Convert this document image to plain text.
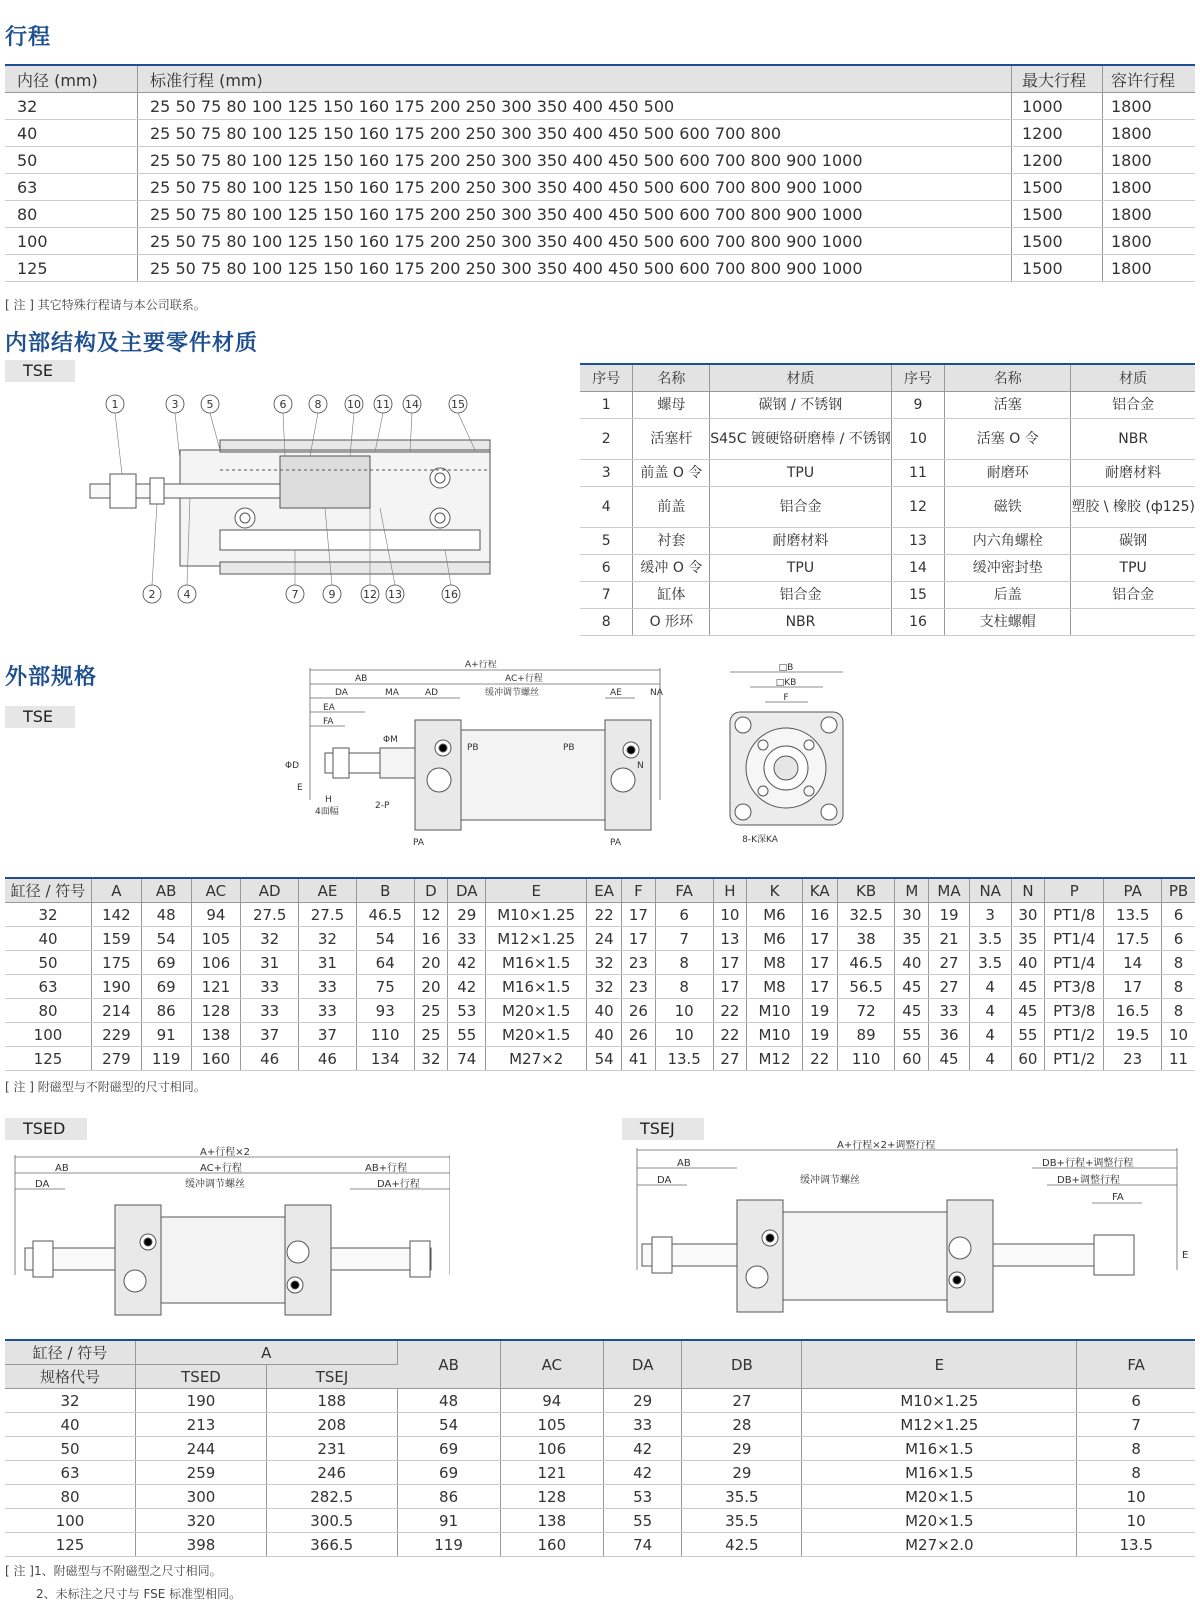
行程
内径 (mm)	标准行程 (mm)	最大行程	容许行程
32	25 50 75 80 100 125 150 160 175 200 250 300 350 400 450 500	1000	1800
40	25 50 75 80 100 125 150 160 175 200 250 300 350 400 450 500 600 700 800	1200	1800
50	25 50 75 80 100 125 150 160 175 200 250 300 350 400 450 500 600 700 800 900 1000	1200	1800
63	25 50 75 80 100 125 150 160 175 200 250 300 350 400 450 500 600 700 800 900 1000	1500	1800
80	25 50 75 80 100 125 150 160 175 200 250 300 350 400 450 500 600 700 800 900 1000	1500	1800
100	25 50 75 80 100 125 150 160 175 200 250 300 350 400 450 500 600 700 800 900 1000	1500	1800
125	25 50 75 80 100 125 150 160 175 200 250 300 350 400 450 500 600 700 800 900 1000	1500	1800
[ 注 ] 其它特殊行程请与本公司联系。
内部结构及主要零件材质
TSE
1	3	5	6	8 10 11 14	15
2	4	7	9	12 13	16
序号	名称	材质	序号	名称	材质
1	螺母	碳钢 / 不锈钢	9	活塞	铝合金
2	活塞杆	S45C 镀硬铬研磨棒 / 不锈钢	10	活塞 O 令	NBR
3	前盖 O 令	TPU	11	耐磨环	耐磨材料
4	前盖	铝合金	12	磁铁	塑胶 \ 橡胶 (ф125)
5	衬套	耐磨材料	13	内六角螺栓	碳钢
6	缓冲 O 令	TPU	14	缓冲密封垫	TPU
7	缸体	铝合金	15	后盖	铝合金
8	O 形环	NBR	16	支柱螺帽	
外部规格
TSE
A+行程
AB	AC+行程
DA	MA	AD	缓冲调节螺丝	AE	NA
EA
FA
ΦM
ΦD
E
H
4面幅
2-P
PA	PA
PB	PB
N
□B
□KB
F
8-K深KA
缸径 / 符号	A	AB	AC	AD	AE	B	D	DA	E	EA	F	FA	H	K	KA	KB	M	MA	NA	N	P	PA	PB
32	142	48	94	27.5	27.5	46.5	12	29	M10×1.25	22	17	6	10	M6	16	32.5	30	19	3	30	PT1/8	13.5	6
40	159	54	105	32	32	54	16	33	M12×1.25	24	17	7	13	M6	17	38	35	21	3.5	35	PT1/4	17.5	6
50	175	69	106	31	31	64	20	42	M16×1.5	32	23	8	17	M8	17	46.5	40	27	3.5	40	PT1/4	14	8
63	190	69	121	33	33	75	20	42	M16×1.5	32	23	8	17	M8	17	56.5	45	27	4	45	PT3/8	17	8
80	214	86	128	33	33	93	25	53	M20×1.5	40	26	10	22	M10	19	72	45	33	4	45	PT3/8	16.5	8
100	229	91	138	37	37	110	25	55	M20×1.5	40	26	10	22	M10	19	89	55	36	4	55	PT1/2	19.5	10
125	279	119	160	46	46	134	32	74	M27×2	54	41	13.5	27	M12	22	110	60	45	4	60	PT1/2	23	11
[ 注 ] 附磁型与不附磁型的尺寸相同。
TSED	TSEJ
A+行程×2
AB	AC+行程	AB+行程
DA	缓冲调节螺丝	DA+行程
A+行程×2+调整行程
AB	DB+行程+调整行程
DA	缓冲调节螺丝	DB+调整行程
FA
E
缸径 / 符号	A		AB	AC	DA	DB	E	FA
规格代号	TSED	TSEJ						
32	190	188	48	94	29	27	M10×1.25	6
40	213	208	54	105	33	28	M12×1.25	7
50	244	231	69	106	42	29	M16×1.5	8
63	259	246	69	121	42	29	M16×1.5	8
80	300	282.5	86	128	53	35.5	M20×1.5	10
100	320	300.5	91	138	55	35.5	M20×1.5	10
125	398	366.5	119	160	74	42.5	M27×2.0	13.5
[ 注 ]1、附磁型与不附磁型之尺寸相同。
2、未标注之尺寸与 FSE 标准型相同。
